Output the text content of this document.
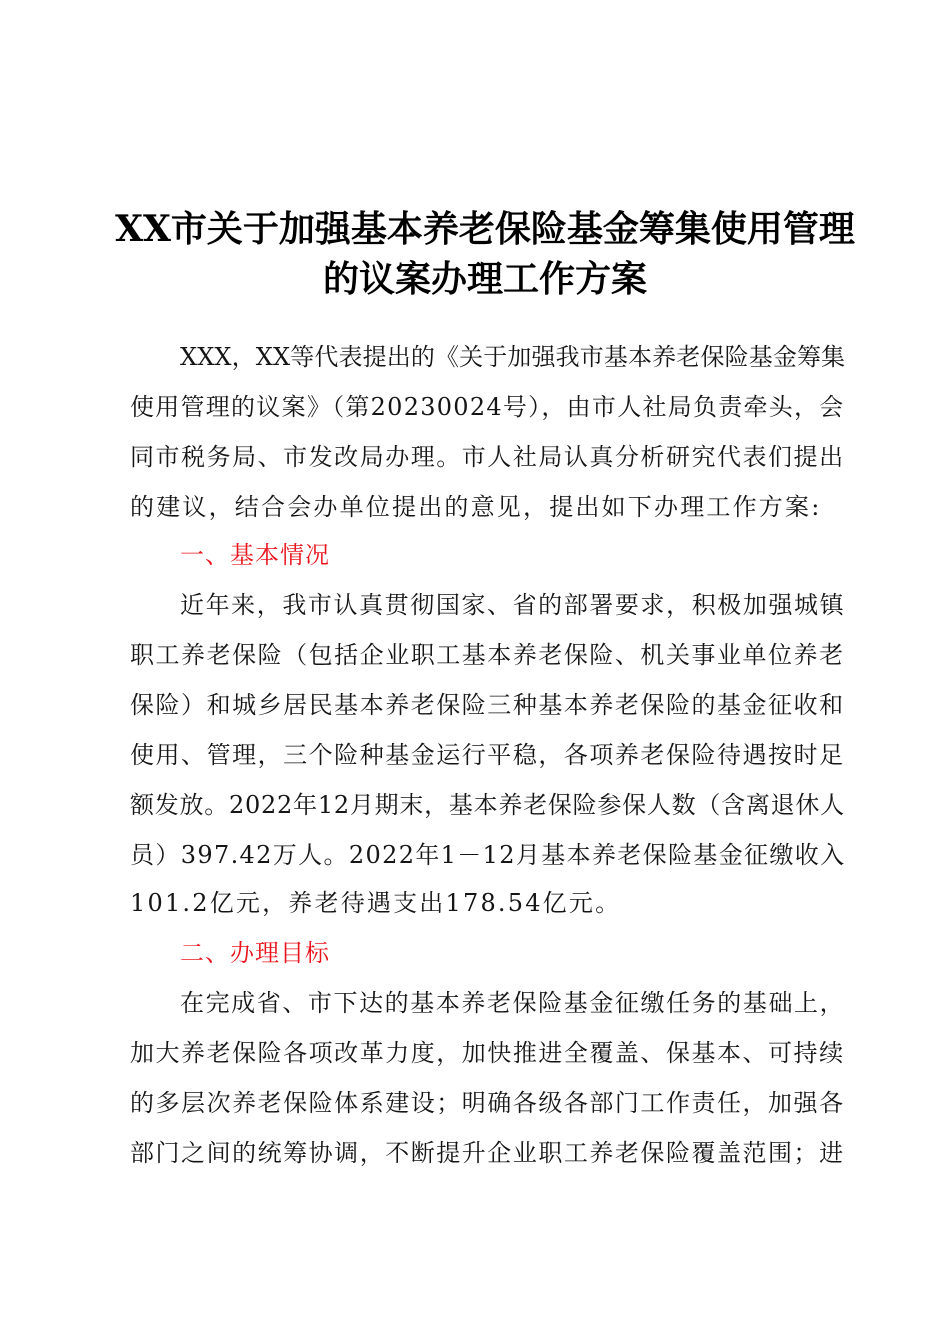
XX市关于加强基本养老保险基金筹集使用管理
的议案办理工作方案
XXX，XX等代表提出的《关于加强我市基本养老保险基金筹集
使用管理的议案》（第20230024号），由市人社局负责牵头，会
同市税务局、市发改局办理。市人社局认真分析研究代表们提出
的建议，结合会办单位提出的意见，提出如下办理工作方案:
一、基本情况
近年来，我市认真贯彻国家、省的部署要求，积极加强城镇
职工养老保险（包括企业职工基本养老保险、机关事业单位养老
保险）和城乡居民基本养老保险三种基本养老保险的基金征收和
使用、管理，三个险种基金运行平稳，各项养老保险待遇按时足
额发放。2022年12月期末，基本养老保险参保人数（含离退休人
员）397.42万人。2022年1－12月基本养老保险基金征缴收入
101.2亿元，养老待遇支出178.54亿元。
二、办理目标
在完成省、市下达的基本养老保险基金征缴任务的基础上，
加大养老保险各项改革力度，加快推进全覆盖、保基本、可持续
的多层次养老保险体系建设；明确各级各部门工作责任，加强各
部门之间的统筹协调，不断提升企业职工养老保险覆盖范围；进
